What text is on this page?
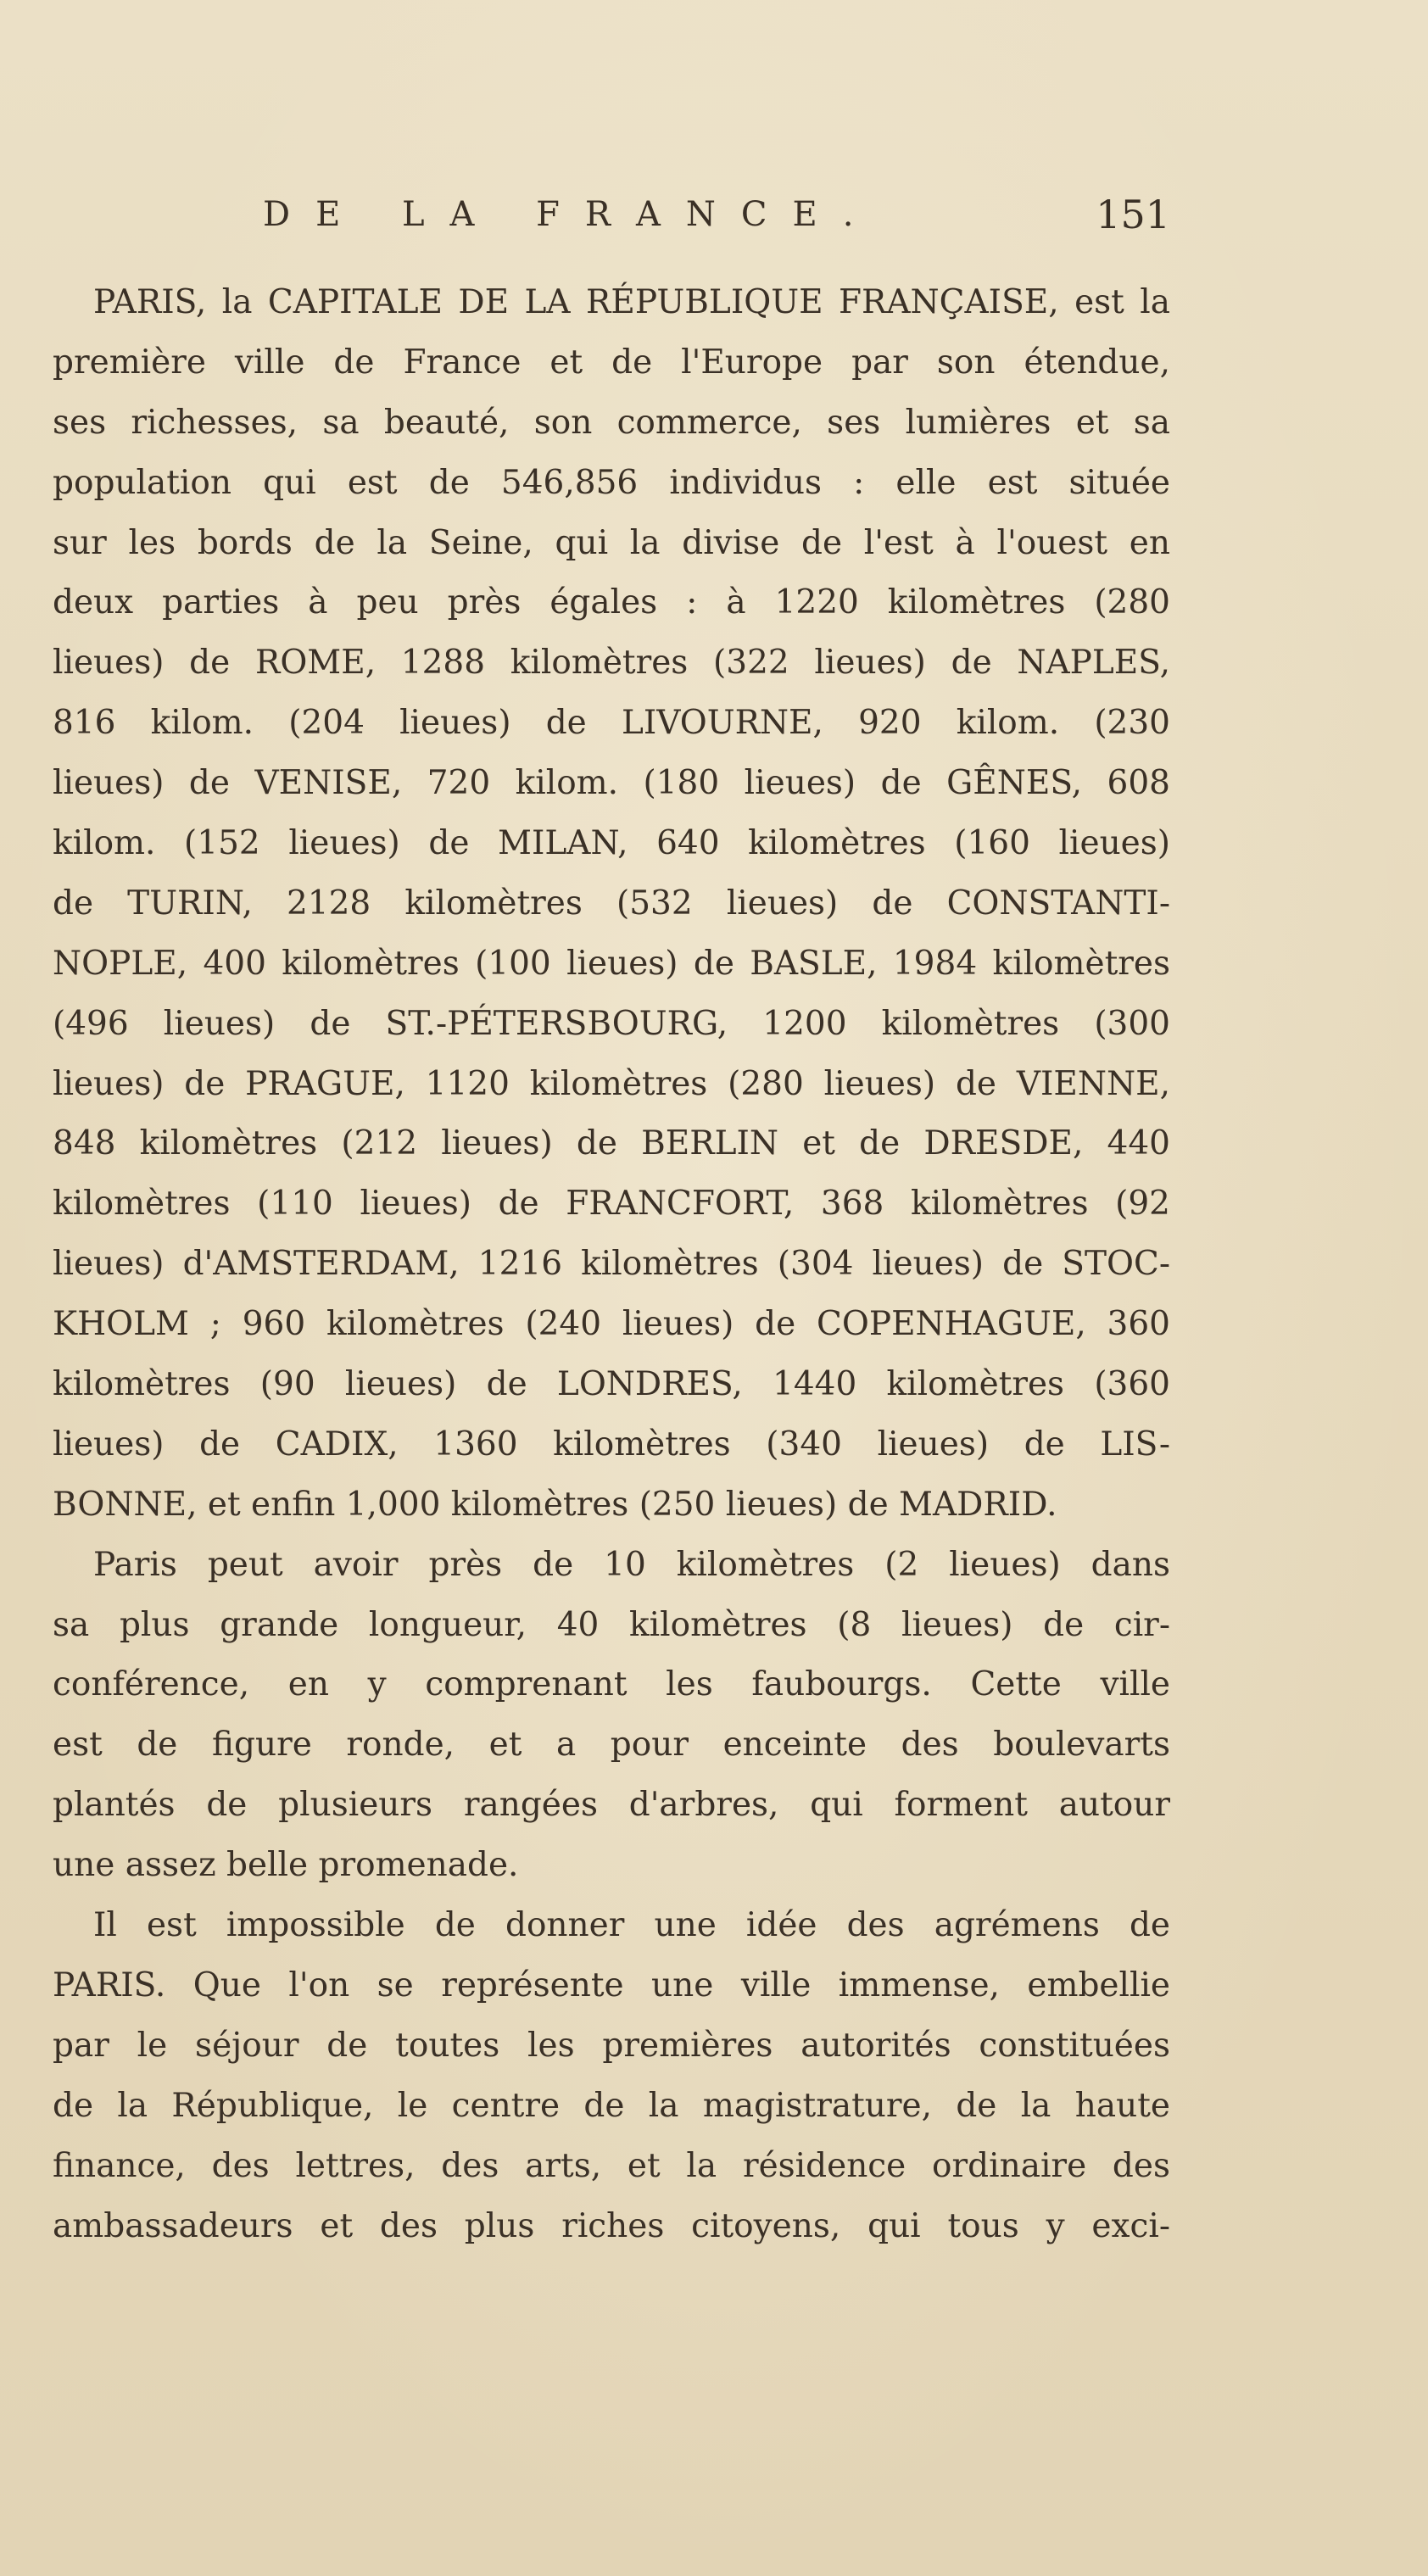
DE LA FRANCE.	151
PARIS, la CAPITALE DE LA RÉPUBLIQUE FRANÇAISE, est la
première ville de France et de l'Europe par son étendue,
ses richesses, sa beauté, son commerce, ses lumières et sa
population qui est de 546,856 individus : elle est située
sur les bords de la Seine, qui la divise de l'est à l'ouest en
deux parties à peu près égales : à 1220 kilomètres (280
lieues) de ROME, 1288 kilomètres (322 lieues) de NAPLES,
816 kilom. (204 lieues) de LIVOURNE, 920 kilom. (230
lieues) de VENISE, 720 kilom. (180 lieues) de GÊNES, 608
kilom. (152 lieues) de MILAN, 640 kilomètres (160 lieues)
de TURIN, 2128 kilomètres (532 lieues) de CONSTANTI-
NOPLE, 400 kilomètres (100 lieues) de BASLE, 1984 kilomètres
(496 lieues) de ST.-PÉTERSBOURG, 1200 kilomètres (300
lieues) de PRAGUE, 1120 kilomètres (280 lieues) de VIENNE,
848 kilomètres (212 lieues) de BERLIN et de DRESDE, 440
kilomètres (110 lieues) de FRANCFORT, 368 kilomètres (92
lieues) d'AMSTERDAM, 1216 kilomètres (304 lieues) de STOC-
KHOLM ; 960 kilomètres (240 lieues) de COPENHAGUE, 360
kilomètres (90 lieues) de LONDRES, 1440 kilomètres (360
lieues) de CADIX, 1360 kilomètres (340 lieues) de LIS-
BONNE, et enfin 1,000 kilomètres (250 lieues) de MADRID.
Paris peut avoir près de 10 kilomètres (2 lieues) dans
sa plus grande longueur, 40 kilomètres (8 lieues) de cir-
conférence, en y comprenant les faubourgs. Cette ville
est de figure ronde, et a pour enceinte des boulevarts
plantés de plusieurs rangées d'arbres, qui forment autour
une assez belle promenade.
Il est impossible de donner une idée des agrémens de
PARIS. Que l'on se représente une ville immense, embellie
par le séjour de toutes les premières autorités constituées
de la République, le centre de la magistrature, de la haute
finance, des lettres, des arts, et la résidence ordinaire des
ambassadeurs et des plus riches citoyens, qui tous y exci-
